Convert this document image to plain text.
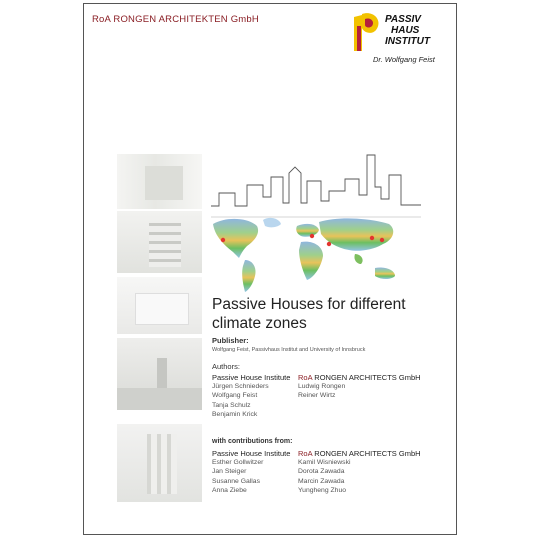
RoA RONGEN ARCHITEKTEN GmbH	PASSIV
HAUS
INSTITUT
Dr. Wolfgang Feist
Passive Houses for different
climate zones
Publisher:
Wolfgang Feist, Passivhaus Institut and University of Innsbruck
Authors:
Passive House Institute
Jürgen Schnieders
Wolfgang Feist
Tanja Schulz
Benjamin Krick
RoA RONGEN ARCHITECTS GmbH
Ludwig Rongen
Reiner Wirtz
with contributions from:
Passive House Institute
Esther Gollwitzer
Jan Steiger
Susanne Gallas
Anna Ziebe
RoA RONGEN ARCHITECTS GmbH
Kamil Wisniewski
Dorota Zawada
Marcin Zawada
Yungheng Zhuo
